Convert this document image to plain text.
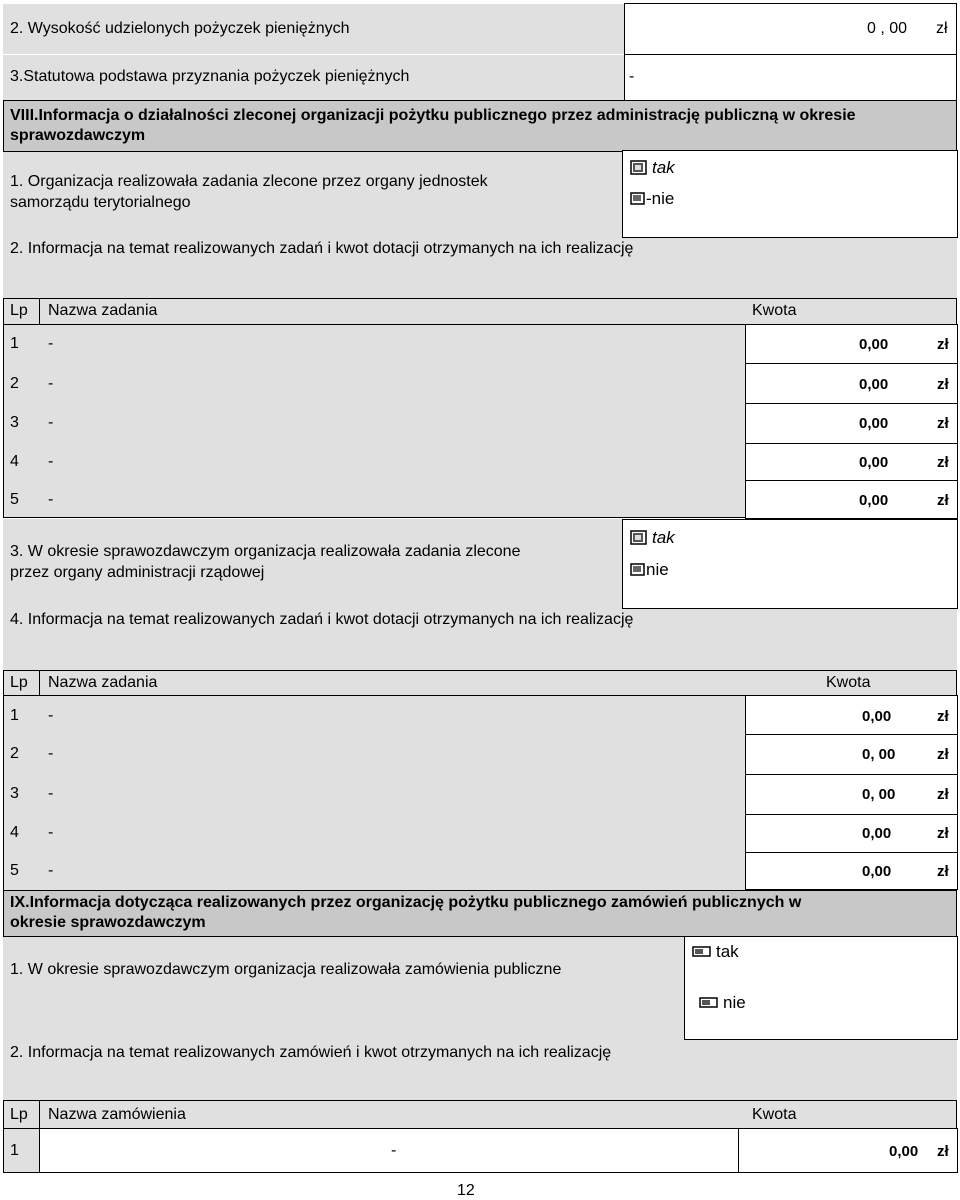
2. Wysokość udzielonych pożyczek pieniężnych	0 , 00 zł
3.Statutowa podstawa przyznania pożyczek pieniężnych	-
VIII.Informacja o działalności zleconej organizacji pożytku publicznego przez administrację publiczną w okresie sprawozdawczym
1. Organizacja realizowała zadania zlecone przez organy jednostek
samorządu terytorialnego
tak
-nie
2. Informacja na temat realizowanych zadań i kwot dotacji otrzymanych na ich realizację
Lp Nazwa zadania	Kwota
1 -	0,00	zł
2 -	0,00	zł
3 -	0,00	zł
4 -	0,00	zł
5 -	0,00	zł
3. W okresie sprawozdawczym organizacja realizowała zadania zlecone
przez organy administracji rządowej
tak
nie
4. Informacja na temat realizowanych zadań i kwot dotacji otrzymanych na ich realizację
Lp Nazwa zadania	Kwota
1 -	0,00	zł
2 -	0, 00	zł
3 -	0, 00	zł
4 -	0,00	zł
5 -	0,00	zł
IX.Informacja dotycząca realizowanych przez organizację pożytku publicznego zamówień publicznych w
okresie sprawozdawczym
1. W okresie sprawozdawczym organizacja realizowała zamówienia publiczne
tak
nie
2. Informacja na temat realizowanych zamówień i kwot otrzymanych na ich realizację
Lp Nazwa zamówienia	Kwota
1	-	0,00 zł
12
